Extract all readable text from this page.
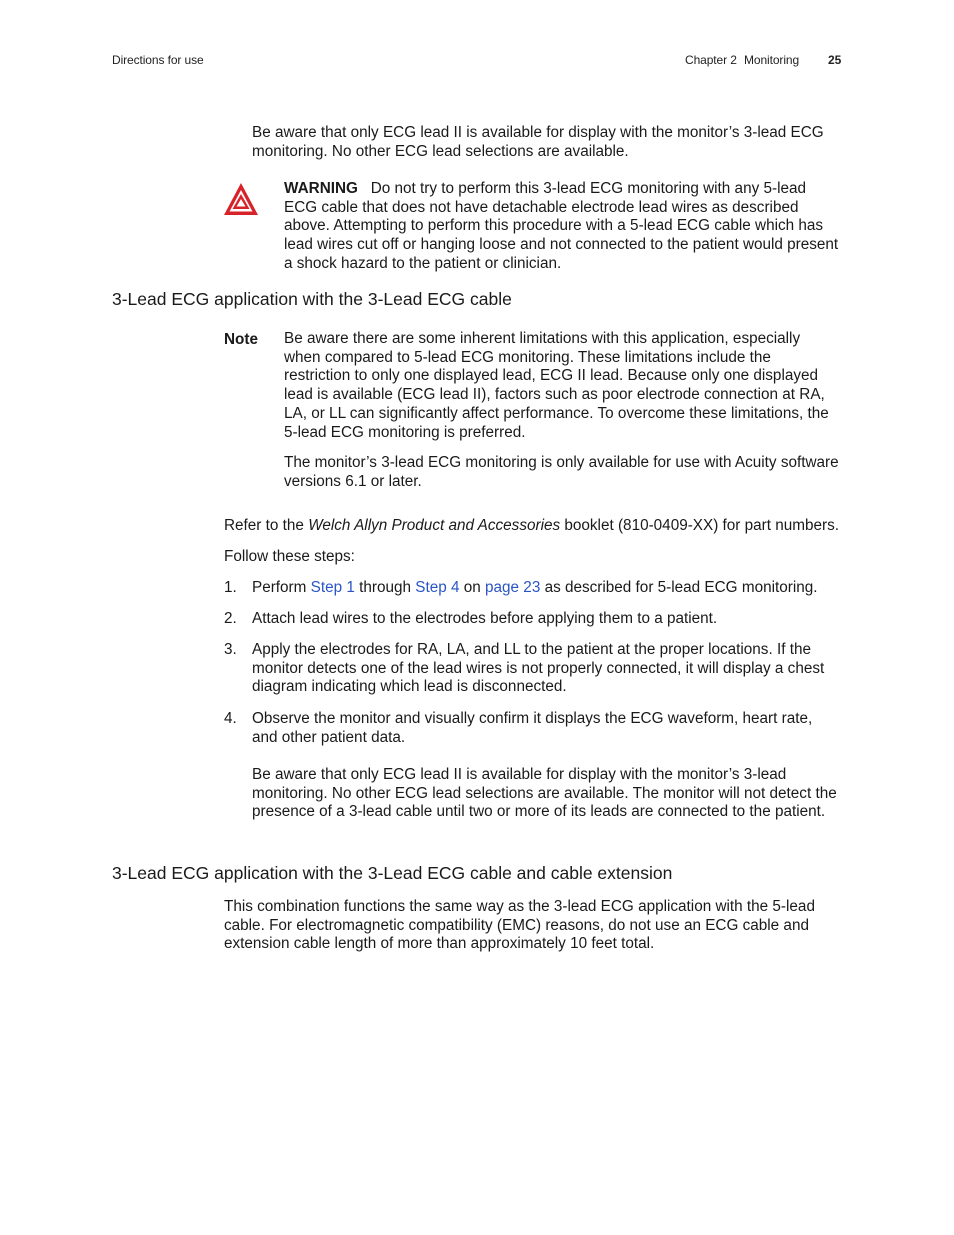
Directions for use	Chapter 2 Monitoring 25

Be aware that only ECG lead II is available for display with the monitor’s 3-lead ECG monitoring. No other ECG lead selections are available.

WARNING Do not try to perform this 3-lead ECG monitoring with any 5-lead ECG cable that does not have detachable electrode lead wires as described above. Attempting to perform this procedure with a 5-lead ECG cable which has lead wires cut off or hanging loose and not connected to the patient would present a shock hazard to the patient or clinician.

3-Lead ECG application with the 3-Lead ECG cable
Note Be aware there are some inherent limitations with this application, especially when compared to 5-lead ECG monitoring. These limitations include the restriction to only one displayed lead, ECG II lead. Because only one displayed lead is available (ECG lead II), factors such as poor electrode connection at RA, LA, or LL can significantly affect performance. To overcome these limitations, the 5-lead ECG monitoring is preferred.

The monitor’s 3-lead ECG monitoring is only available for use with Acuity software versions 6.1 or later.

Refer to the Welch Allyn Product and Accessories booklet (810-0409-XX) for part numbers.

Follow these steps:

1. Perform Step 1 through Step 4 on page 23 as described for 5-lead ECG monitoring.

2. Attach lead wires to the electrodes before applying them to a patient.

3. Apply the electrodes for RA, LA, and LL to the patient at the proper locations. If the monitor detects one of the lead wires is not properly connected, it will display a chest diagram indicating which lead is disconnected.

4. Observe the monitor and visually confirm it displays the ECG waveform, heart rate, and other patient data.

Be aware that only ECG lead II is available for display with the monitor’s 3-lead monitoring. No other ECG lead selections are available. The monitor will not detect the presence of a 3-lead cable until two or more of its leads are connected to the patient.

3-Lead ECG application with the 3-Lead ECG cable and cable extension

This combination functions the same way as the 3-lead ECG application with the 5-lead cable. For electromagnetic compatibility (EMC) reasons, do not use an ECG cable and extension cable length of more than approximately 10 feet total.
